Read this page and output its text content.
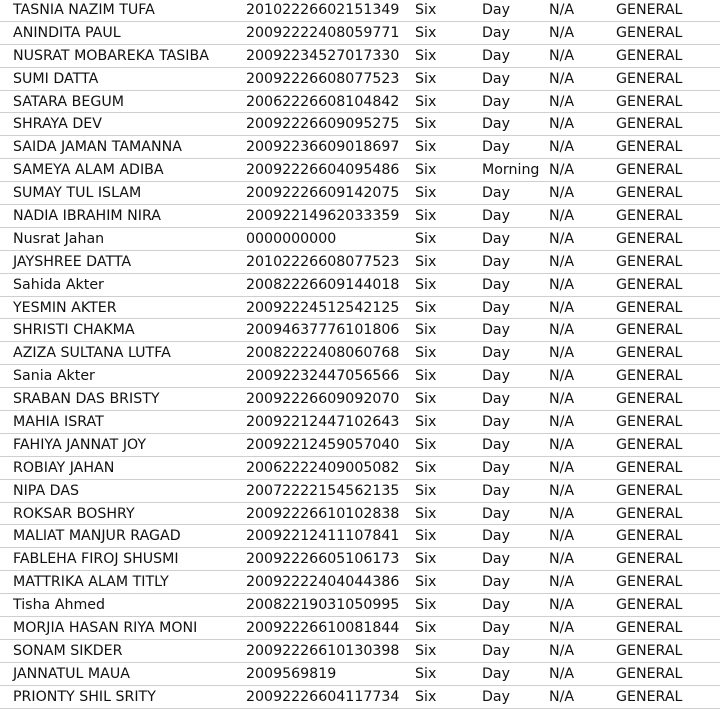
TASNIA NAZIM TUFA	20102226602151349 Six	Day	N/A	GENERAL
ANINDITA PAUL	20092222408059771 Six	Day	N/A	GENERAL
NUSRAT MOBAREKA TASIBA	20092234527017330 Six	Day	N/A	GENERAL
SUMI DATTA	20092226608077523 Six	Day	N/A	GENERAL
SATARA BEGUM	20062226608104842 Six	Day	N/A	GENERAL
SHRAYA DEV	20092226609095275 Six	Day	N/A	GENERAL
SAIDA JAMAN TAMANNA	20092236609018697 Six	Day	N/A	GENERAL
SAMEYA ALAM ADIBA	20092226604095486 Six	Morning N/A	GENERAL
SUMAY TUL ISLAM	20092226609142075 Six	Day	N/A	GENERAL
NADIA IBRAHIM NIRA	20092214962033359 Six	Day	N/A	GENERAL
Nusrat Jahan	0000000000	Six	Day	N/A	GENERAL
JAYSHREE DATTA	20102226608077523 Six	Day	N/A	GENERAL
Sahida Akter	20082226609144018 Six	Day	N/A	GENERAL
YESMIN AKTER	20092224512542125 Six	Day	N/A	GENERAL
SHRISTI CHAKMA	20094637776101806 Six	Day	N/A	GENERAL
AZIZA SULTANA LUTFA	20082222408060768 Six	Day	N/A	GENERAL
Sania Akter	20092232447056566 Six	Day	N/A	GENERAL
SRABAN DAS BRISTY	20092226609092070 Six	Day	N/A	GENERAL
MAHIA ISRAT	20092212447102643 Six	Day	N/A	GENERAL
FAHIYA JANNAT JOY	20092212459057040 Six	Day	N/A	GENERAL
ROBIAY JAHAN	20062222409005082 Six	Day	N/A	GENERAL
NIPA DAS	20072222154562135 Six	Day	N/A	GENERAL
ROKSAR BOSHRY	20092226610102838 Six	Day	N/A	GENERAL
MALIAT MANJUR RAGAD	20092212411107841 Six	Day	N/A	GENERAL
FABLEHA FIROJ SHUSMI	20092226605106173 Six	Day	N/A	GENERAL
MATTRIKA ALAM TITLY	20092222404044386 Six	Day	N/A	GENERAL
Tisha Ahmed	20082219031050995 Six	Day	N/A	GENERAL
MORJIA HASAN RIYA MONI	20092226610081844 Six	Day	N/A	GENERAL
SONAM SIKDER	20092226610130398 Six	Day	N/A	GENERAL
JANNATUL MAUA	2009569819	Six	Day	N/A	GENERAL
PRIONTY SHIL SRITY	20092226604117734 Six	Day	N/A	GENERAL
